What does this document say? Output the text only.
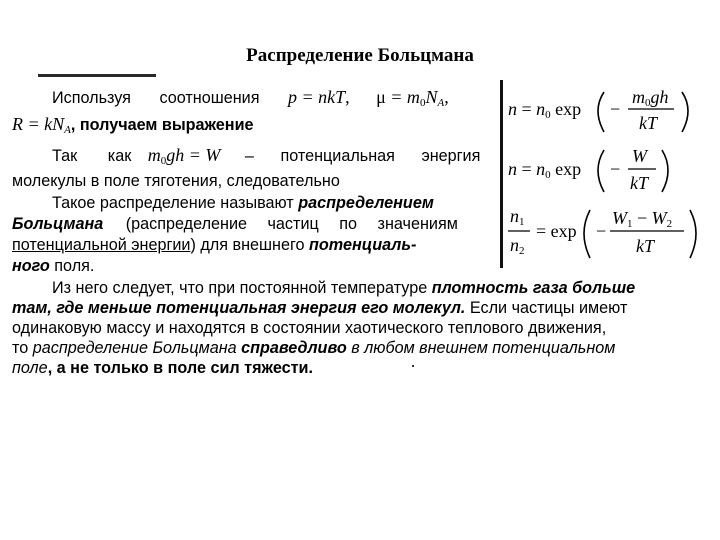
Распределение Больцмана
Используя соотношения p = nkT, $\mu = m_0NA$,
R = kNA, получаем выражение
Так как $m_0gh = W$ – потенциальная энергия
молекулы в поле тяготения, следовательно
Такое распределение называют распределением
Больцмана (распределение частиц по значениям
потенциальной энергии) для внешнего потенциаль-
ного поля.
Из него следует, что при постоянной температуре плотность газа больше
там, где меньше потенциальная энергия его молекул. Если частицы имеют
одинаковую массу и находятся в состоянии хаотического теплового движения,
то распределение Больцмана справедливо в любом внешнем потенциальном
поле, а не только в поле сил тяжести.
n = n0 exp −
m0gh
kT
n = n0 exp −
W
kT
n1
n2
= exp −
W1 − W2
kT
